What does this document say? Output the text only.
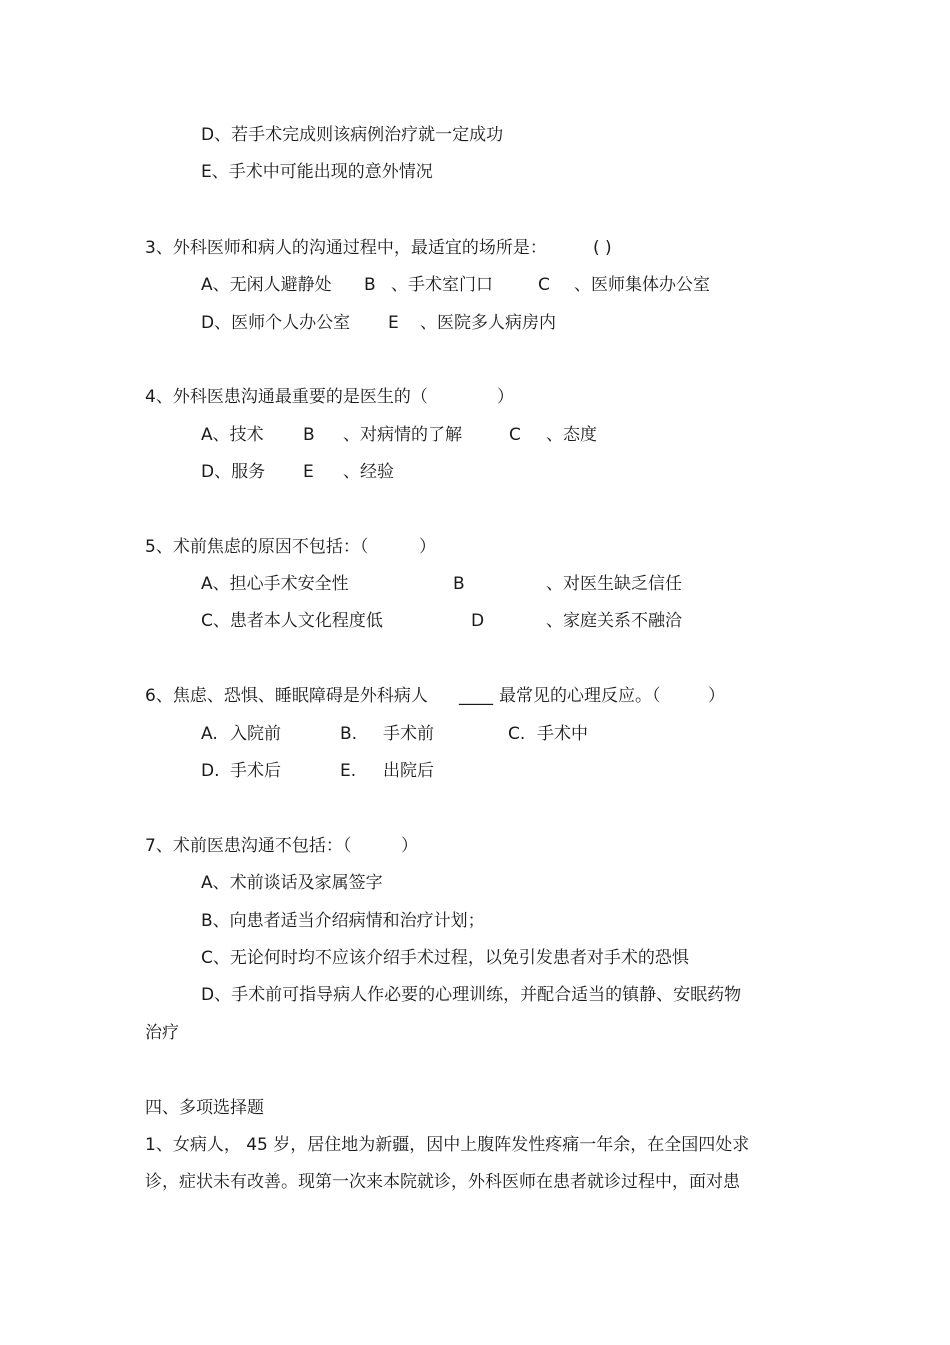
D、若手术完成则该病例治疗就一定成功
E、手术中可能出现的意外情况
3、外科医师和病人的沟通过程中，最适宜的场所是：	( )
A、无闲人避静处 B 、手术室门口	C 、医师集体办公室
D、医师个人办公室 E 、医院多人病房内
4、外科医患沟通最重要的是医生的（	）
A、技术 B 、对病情的了解	C 、态度
D、服务 E 、经验
5、术前焦虑的原因不包括：（	）
A、担心手术安全性	B	、对医生缺乏信任
C、患者本人文化程度低	D	、家庭关系不融洽
6、焦虑、恐惧、睡眠障碍是外科病人 ____ 最常见的心理反应。（	）
A. 入院前	B. 手术前	C. 手术中
D. 手术后	E. 出院后
7、术前医患沟通不包括：（	）
A、术前谈话及家属签字
B、向患者适当介绍病情和治疗计划；
C、无论何时均不应该介绍手术过程，以免引发患者对手术的恐惧
D、手术前可指导病人作必要的心理训练，并配合适当的镇静、安眠药物
治疗
四、多项选择题
1、女病人， 45 岁，居住地为新疆，因中上腹阵发性疼痛一年余，在全国四处求
诊，症状未有改善。现第一次来本院就诊，外科医师在患者就诊过程中，面对患
